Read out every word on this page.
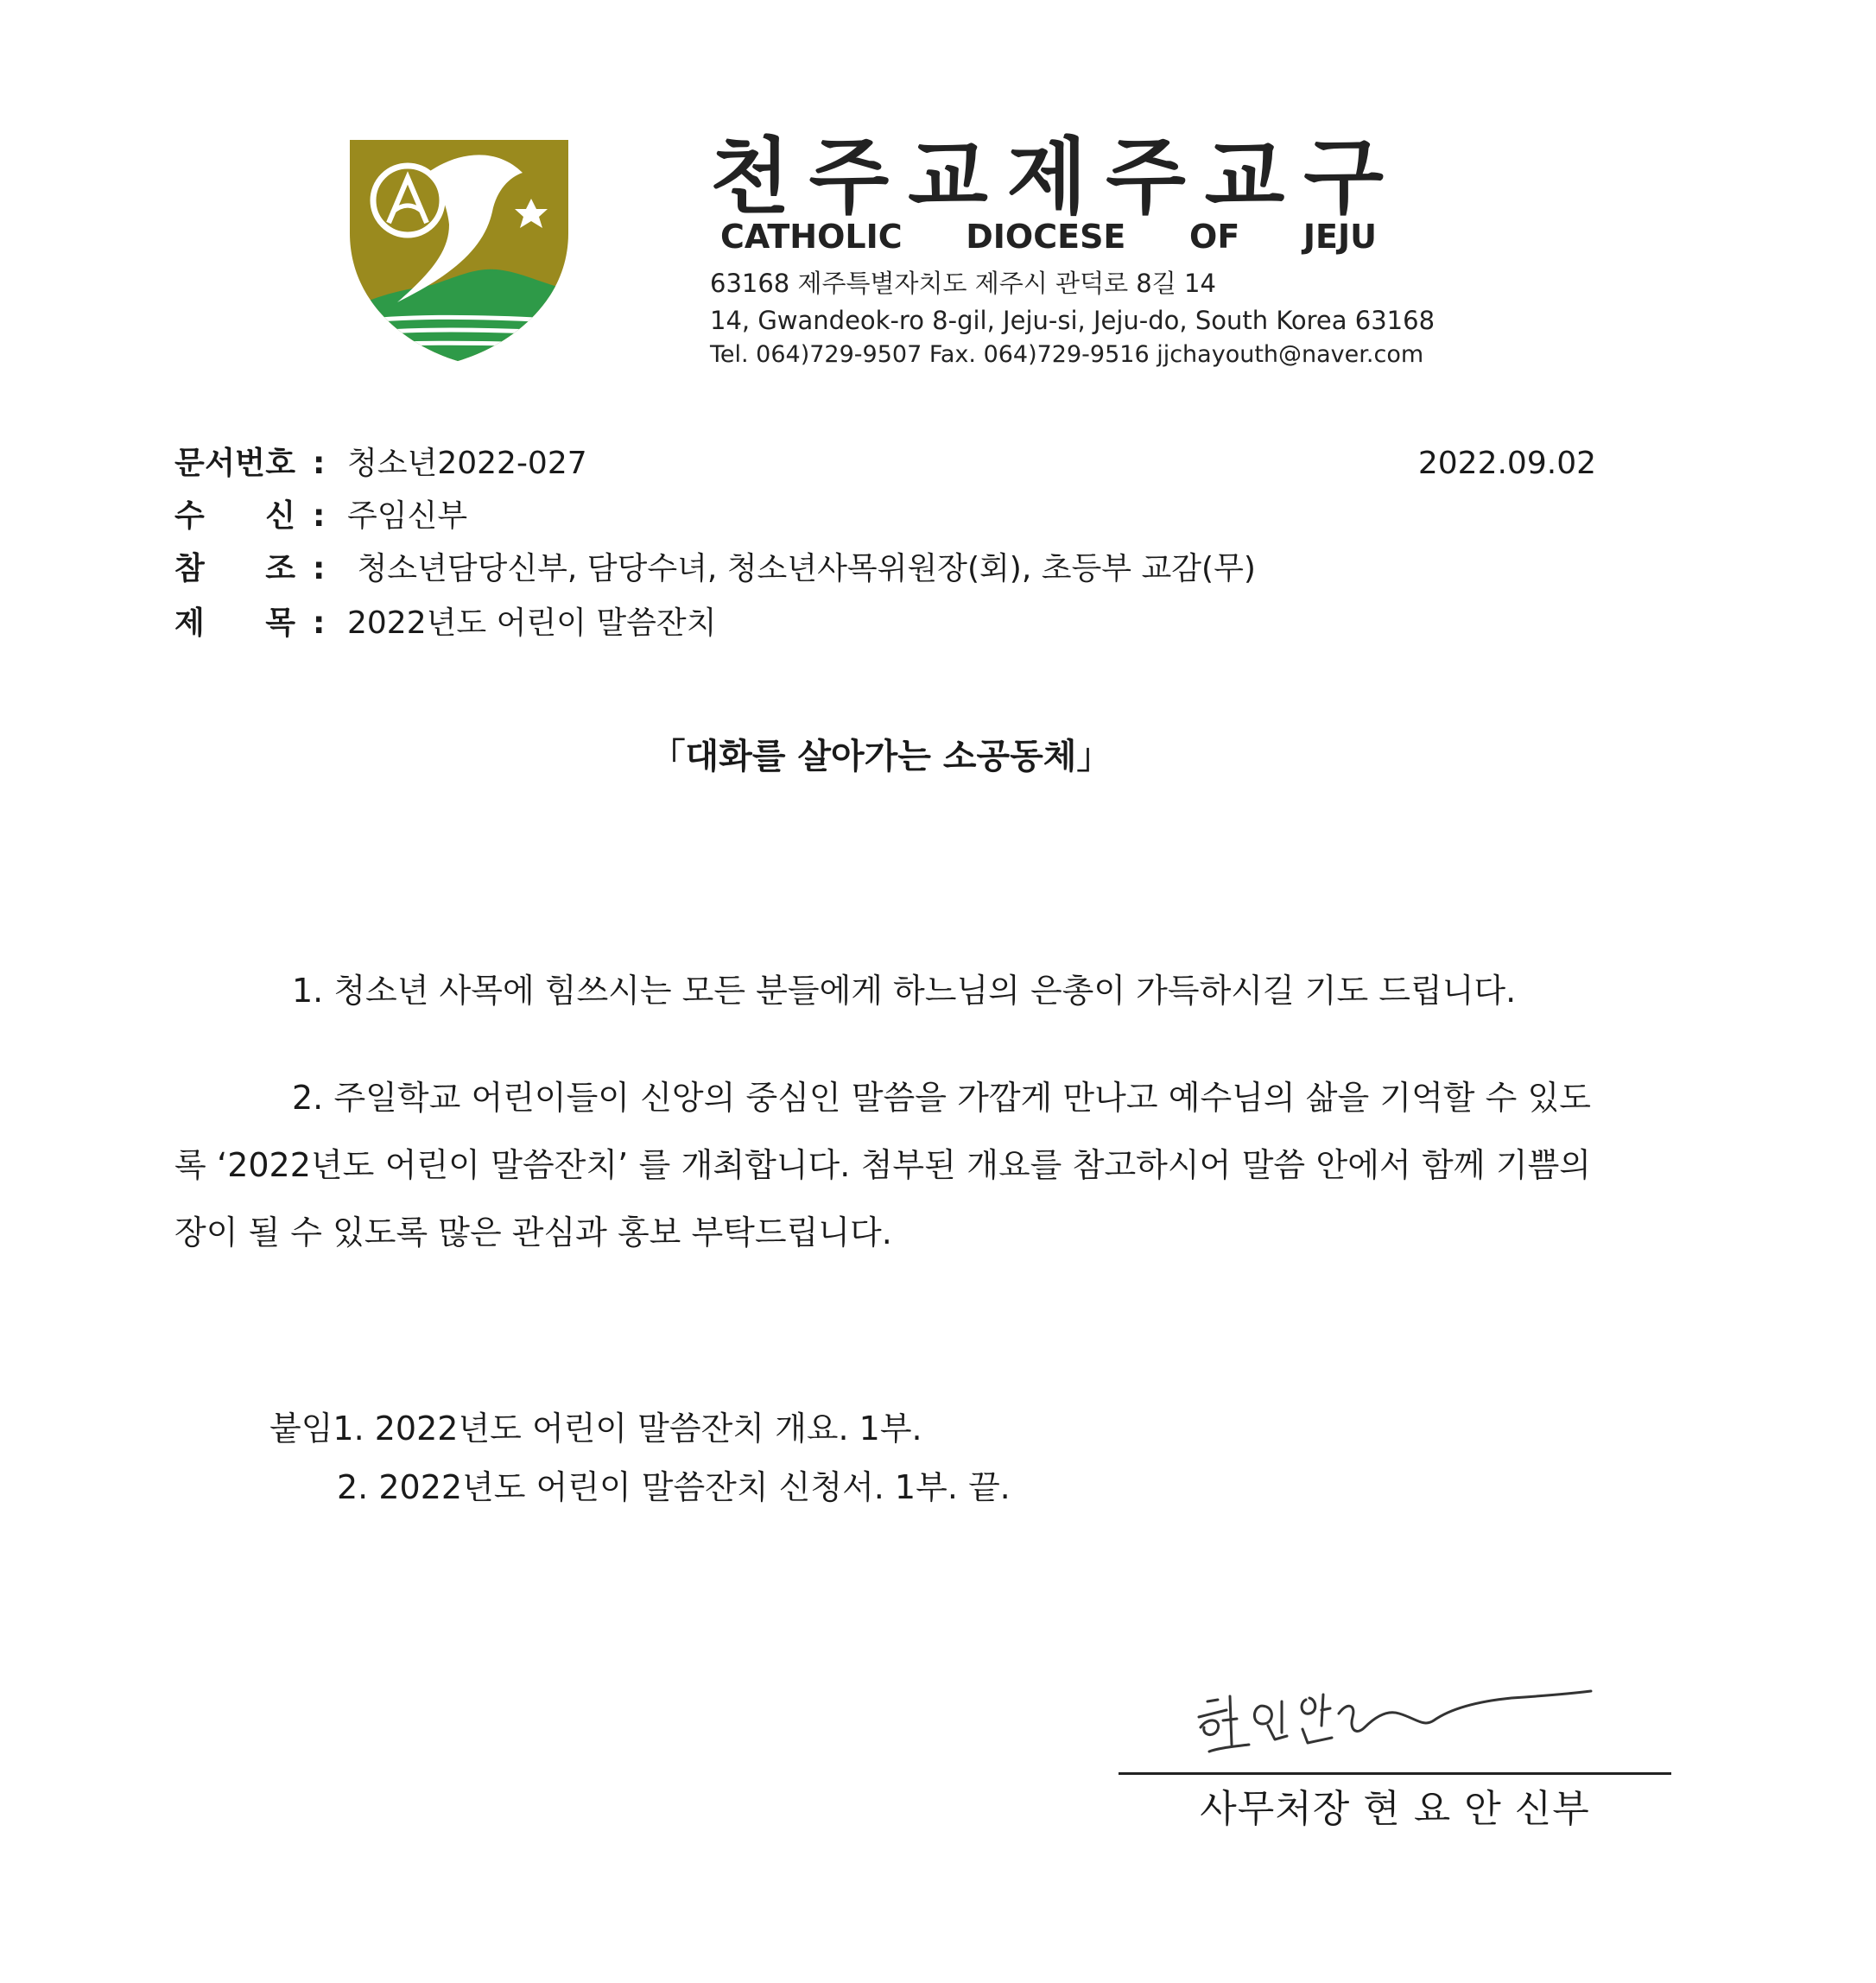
천 주 교 제 주 교 구
CATHOLIC DIOCESE OF JEJU
63168 제주특별자치도 제주시 관덕로 8길 14
14, Gwandeok-ro 8-gil, Jeju-si, Jeju-do, South Korea 63168
Tel. 064)729-9507 Fax. 064)729-9516 jjchayouth@naver.com
문 서 번 호 : 청소년2022-027	2022.09.02
수 신 : 주임신부
참 조 : 청소년담당신부, 담당수녀, 청소년사목위원장(회), 초등부 교감(무)
제 목 : 2022년도 어린이 말씀잔치
「대화를 살아가는 소공동체」
1. 청소년 사목에 힘쓰시는 모든 분들에게 하느님의 은총이 가득하시길 기도 드립니다.
2. 주일학교 어린이들이 신앙의 중심인 말씀을 가깝게 만나고 예수님의 삶을 기억할 수 있도록 ‘2022년도 어린이 말씀잔치’ 를 개최합니다. 첨부된 개요를 참고하시어 말씀 안에서 함께 기쁨의 장이 될 수 있도록 많은 관심과 홍보 부탁드립니다.
붙임1. 2022년도 어린이 말씀잔치 개요. 1부.
2. 2022년도 어린이 말씀잔치 신청서. 1부. 끝.
사무처장 현 요 안 신부
